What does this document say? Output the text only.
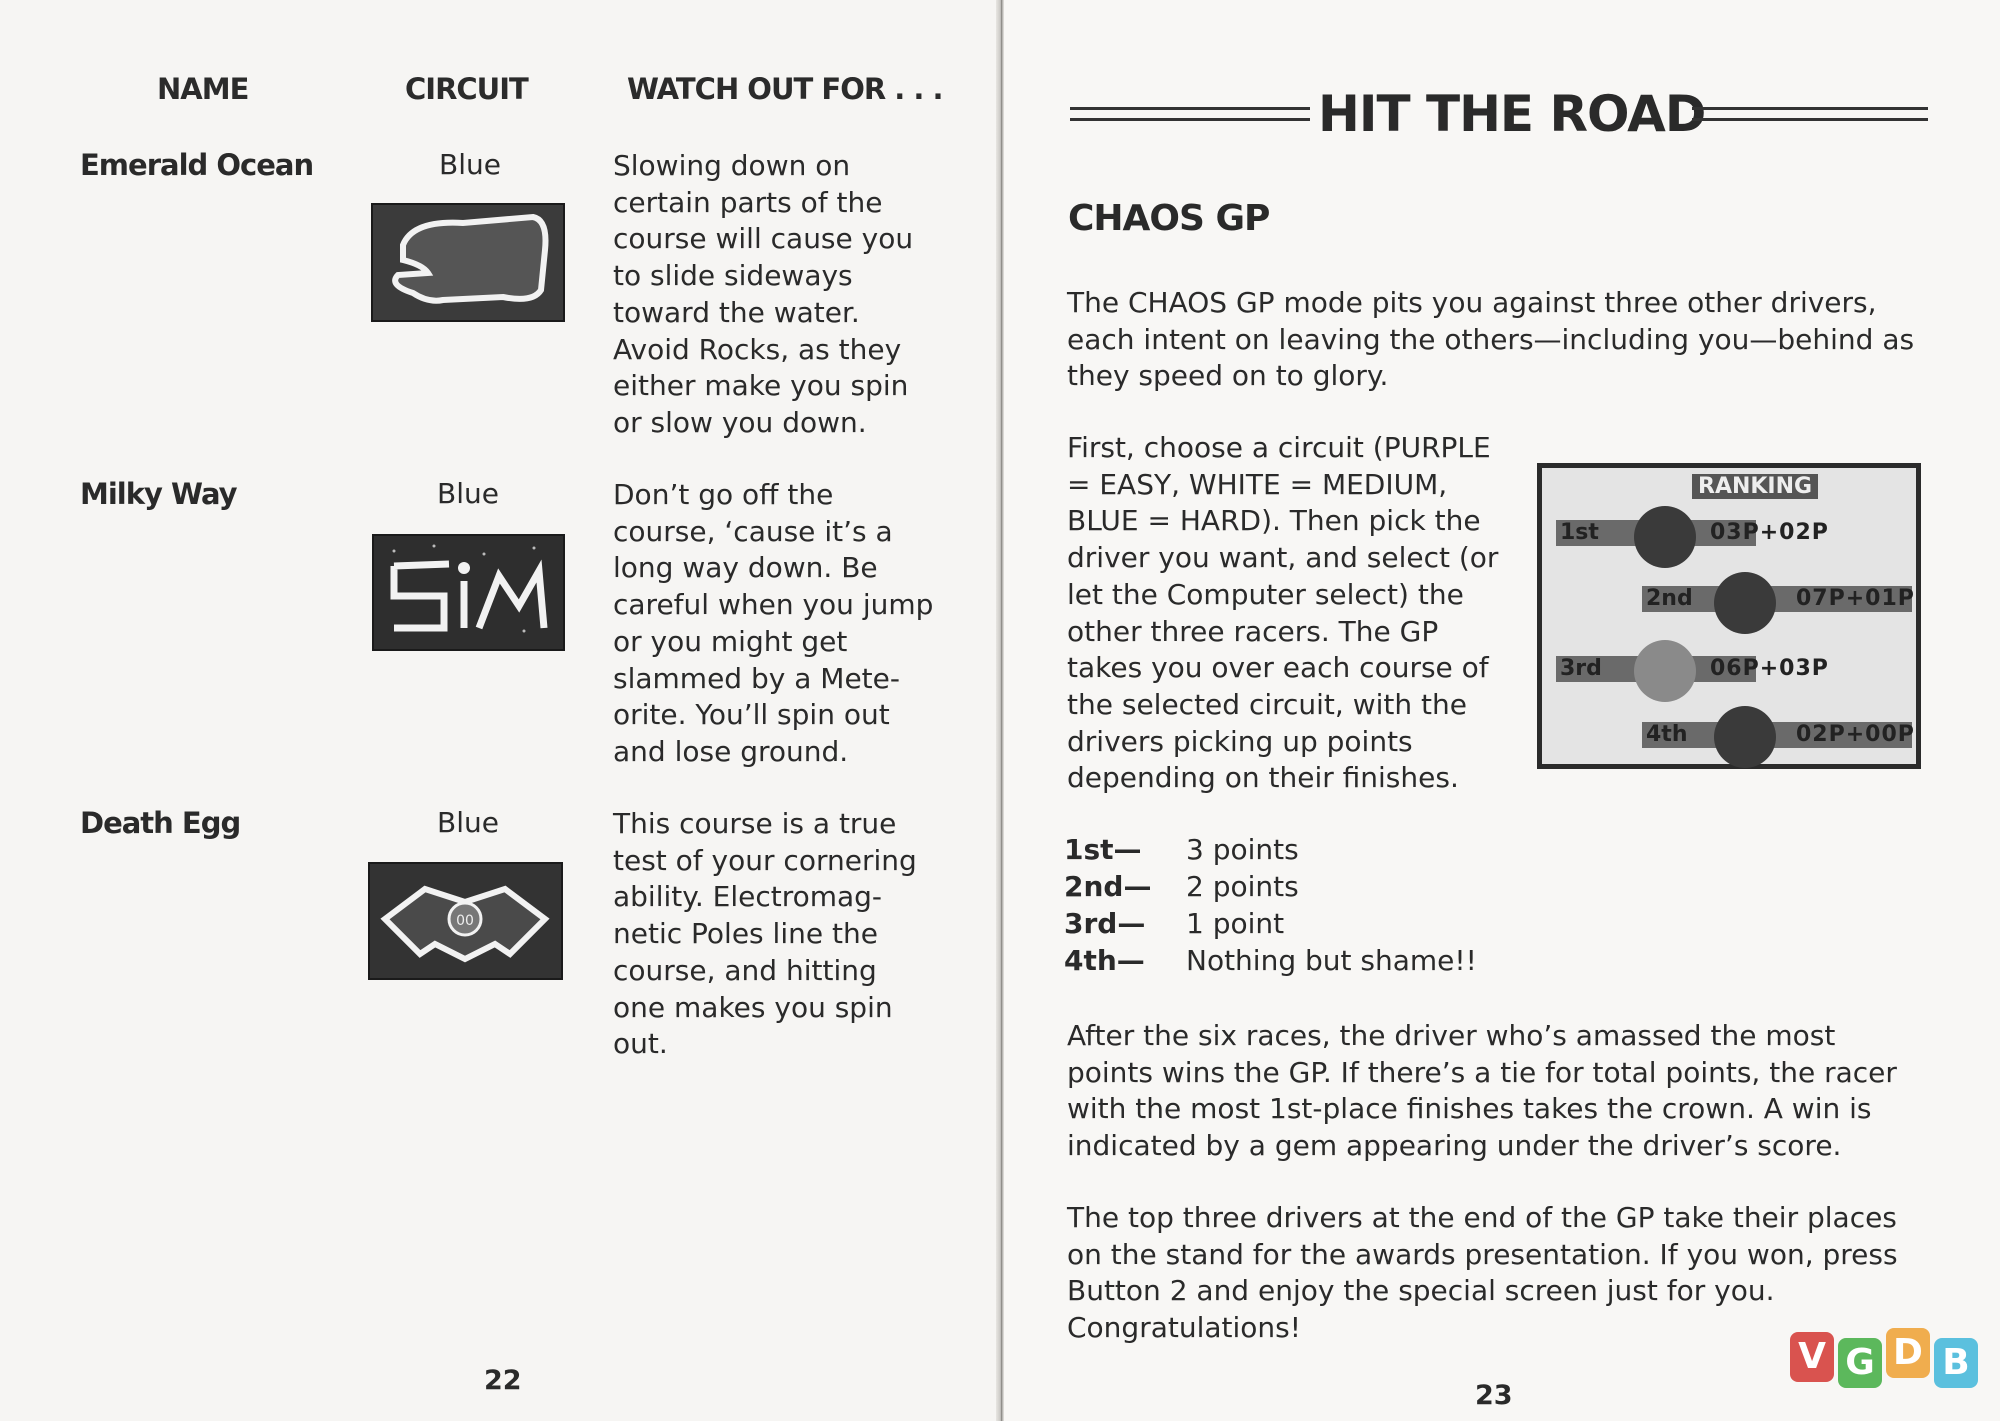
NAME	CIRCUIT	WATCH OUT FOR . . .
Emerald Ocean	Blue	Slowing down on
certain parts of the
course will cause you
to slide sideways
toward the water.
Avoid Rocks, as they
either make you spin
or slow you down.
Milky Way	Blue	Don’t go off the
course, ‘cause it’s a
long way down. Be
careful when you jump
or you might get
slammed by a Mete-
orite. You’ll spin out
and lose ground.
Death Egg	Blue
00
This course is a true
test of your cornering
ability. Electromag-
netic Poles line the
course, and hitting
one makes you spin
out.
22
HIT THE ROAD
CHAOS GP
The CHAOS GP mode pits you against three other drivers,
each intent on leaving the others—including you—behind as
they speed on to glory.
First, choose a circuit (PURPLE
= EASY, WHITE = MEDIUM,
BLUE = HARD). Then pick the
driver you want, and select (or
let the Computer select) the
other three racers. The GP
takes you over each course of
the selected circuit, with the
drivers picking up points
depending on their finishes.
RANKING
1st	03P+02P
2nd	07P+01P
3rd	06P+03P
4th	02P+00P
1st— 3 points
2nd— 2 points
3rd— 1 point
4th— Nothing but shame!!
After the six races, the driver who’s amassed the most
points wins the GP. If there’s a tie for total points, the racer
with the most 1st-place finishes takes the crown. A win is
indicated by a gem appearing under the driver’s score.
The top three drivers at the end of the GP take their places
on the stand for the awards presentation. If you won, press
Button 2 and enjoy the special screen just for you.
Congratulations!
23
V G D B
